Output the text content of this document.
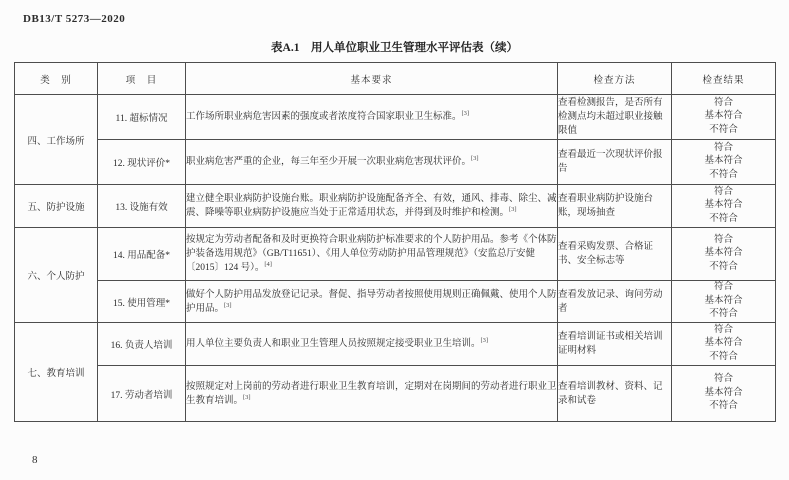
DB13/T 5273—2020
表A.1　用人单位职业卫生管理水平评估表（续）
类　别	项　目	基本要求	检查方法	检查结果
四、工作场所	11. 超标情况	工作场所职业病危害因素的强度或者浓度符合国家职业卫生标准。[3]	查看检测报告，是否所有检测点均未超过职业接触限值	符合
基本符合
不符合

	12. 现状评价*	职业病危害严重的企业，每三年至少开展一次职业病危害现状评价。[3]	查看最近一次现状评价报告	符合
基本符合
不符合

五、防护设施	13. 设施有效	建立健全职业病防护设施台账。职业病防护设施配备齐全、有效，通风、排毒、除尘、减震、降噪等职业病防护设施应当处于正常适用状态，并得到及时维护和检测。[3]	查看职业病防护设施台账，现场抽查	符合
基本符合
不符合

六、个人防护	14. 用品配备*	按规定为劳动者配备和及时更换符合职业病防护标准要求的个人防护用品。参考《个体防护装备选用规范》（GB/T11651）、《用人单位劳动防护用品管理规范》（安监总厅安健〔2015〕124 号）。[4]	查看采购发票、合格证书、安全标志等	符合
基本符合
不符合

	15. 使用管理*	做好个人防护用品发放登记记录。督促、指导劳动者按照使用规则正确佩戴、使用个人防护用品。[3]	查看发放记录、询问劳动者	符合
基本符合
不符合

七、教育培训	16. 负责人培训	用人单位主要负责人和职业卫生管理人员按照规定接受职业卫生培训。[3]	查看培训证书或相关培训证明材料	符合
基本符合
不符合

	17. 劳动者培训	按照规定对上岗前的劳动者进行职业卫生教育培训，定期对在岗期间的劳动者进行职业卫生教育培训。[3]	查看培训教材、资料、记录和试卷	符合
基本符合
不符合
8
